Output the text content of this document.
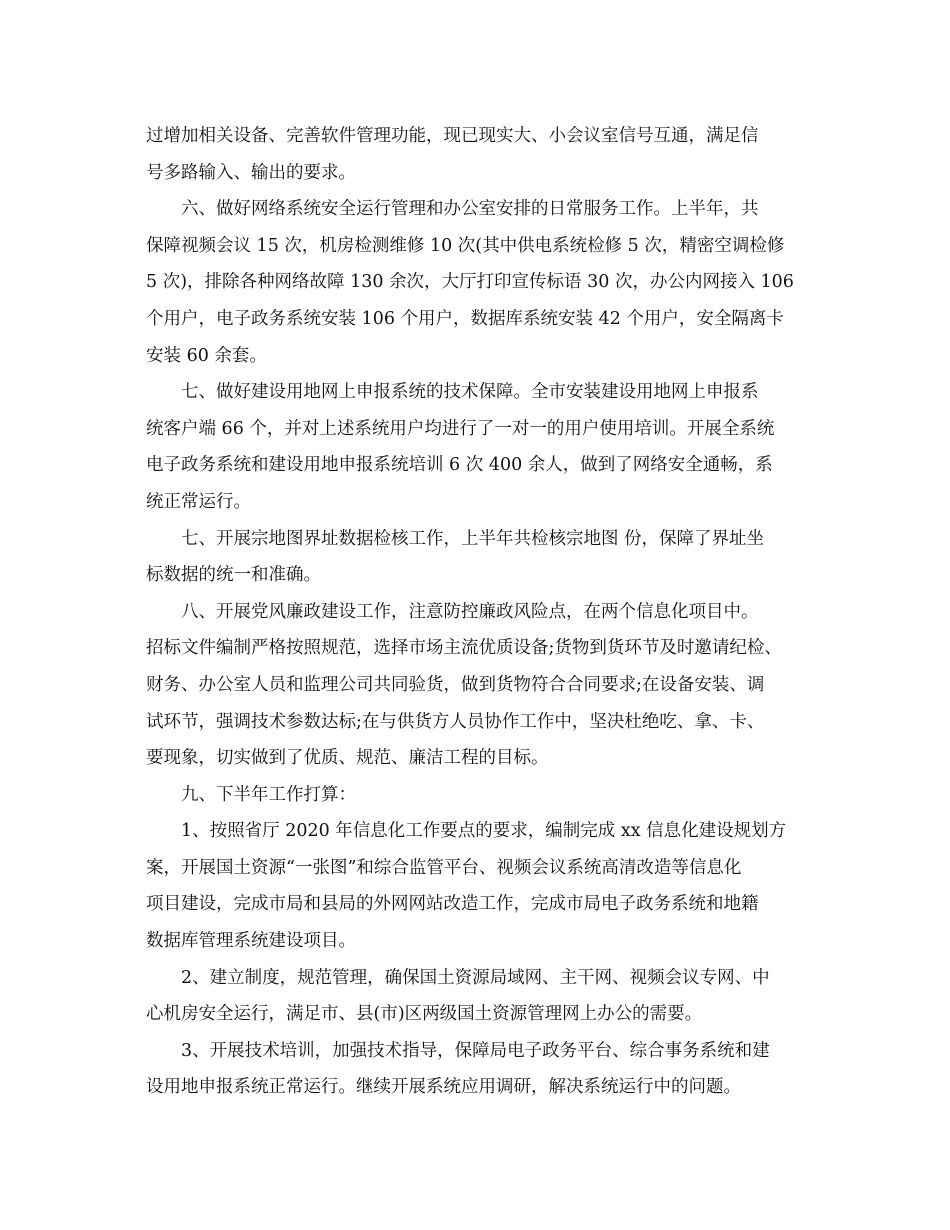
过增加相关设备、完善软件管理功能，现已现实大、小会议室信号互通，满足信
号多路输入、输出的要求。
　　六、做好网络系统安全运行管理和办公室安排的日常服务工作。上半年，共
保障视频会议 15 次，机房检测维修 10 次(其中供电系统检修 5 次，精密空调检修
5 次)，排除各种网络故障 130 余次，大厅打印宣传标语 30 次，办公内网接入 106
个用户，电子政务系统安装 106 个用户，数据库系统安装 42 个用户，安全隔离卡
安装 60 余套。
　　七、做好建设用地网上申报系统的技术保障。全市安装建设用地网上申报系
统客户端 66 个，并对上述系统用户均进行了一对一的用户使用培训。开展全系统
电子政务系统和建设用地申报系统培训 6 次 400 余人，做到了网络安全通畅，系
统正常运行。
　　七、开展宗地图界址数据检核工作，上半年共检核宗地图 份，保障了界址坐
标数据的统一和准确。
　　八、开展党风廉政建设工作，注意防控廉政风险点，在两个信息化项目中。
招标文件编制严格按照规范，选择市场主流优质设备;货物到货环节及时邀请纪检、
财务、办公室人员和监理公司共同验货，做到货物符合合同要求;在设备安装、调
试环节，强调技术参数达标;在与供货方人员协作工作中，坚决杜绝吃、拿、卡、
要现象，切实做到了优质、规范、廉洁工程的目标。
　　九、下半年工作打算：
　　1、按照省厅 2020 年信息化工作要点的要求，编制完成 xx 信息化建设规划方
案，开展国土资源“一张图”和综合监管平台、视频会议系统高清改造等信息化
项目建设，完成市局和县局的外网网站改造工作，完成市局电子政务系统和地籍
数据库管理系统建设项目。
　　2、建立制度，规范管理，确保国土资源局域网、主干网、视频会议专网、中
心机房安全运行，满足市、县(市)区两级国土资源管理网上办公的需要。
　　3、开展技术培训，加强技术指导，保障局电子政务平台、综合事务系统和建
设用地申报系统正常运行。继续开展系统应用调研，解决系统运行中的问题。
